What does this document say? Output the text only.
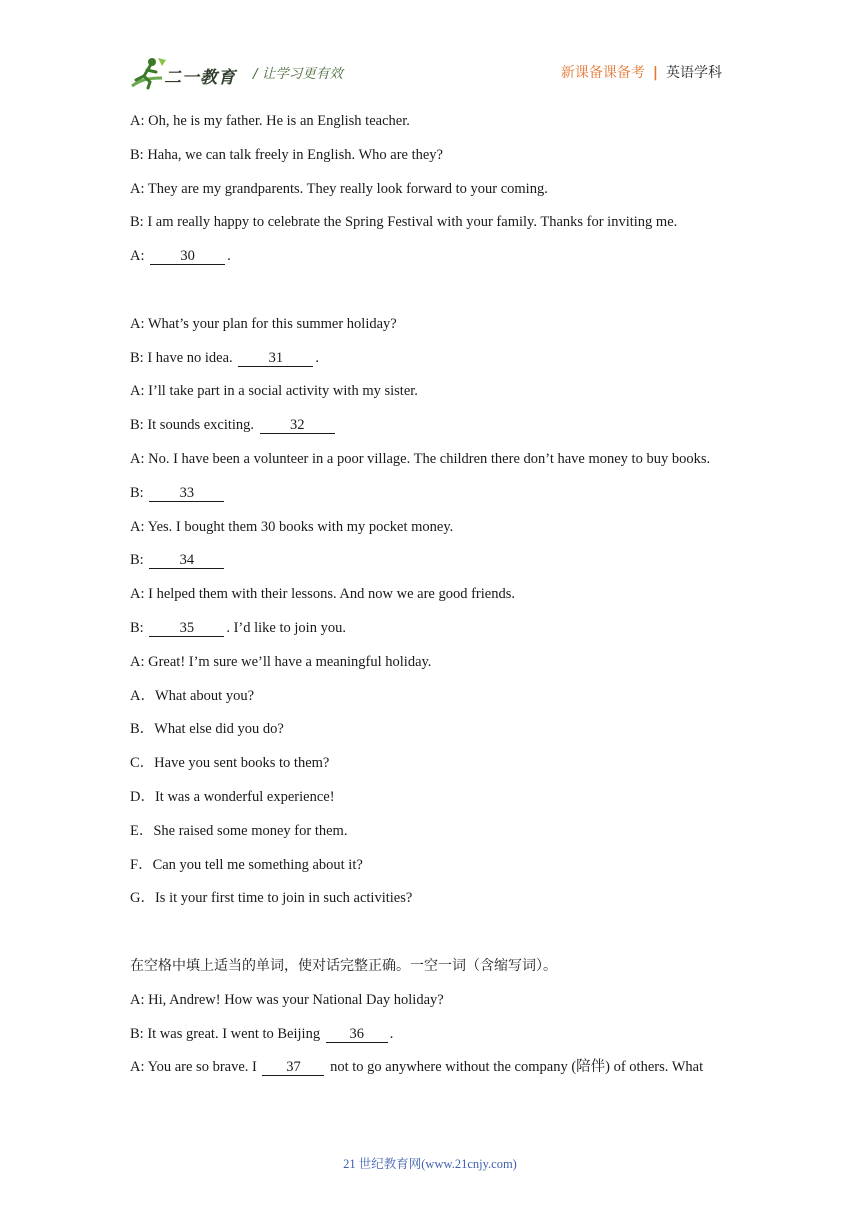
二一教育 / 让学习更有效	新课备课备考 | 英语学科
A: Oh, he is my father. He is an English teacher.
B: Haha, we can talk freely in English. Who are they?
A: They are my grandparents. They really look forward to your coming.
B: I am really happy to celebrate the Spring Festival with your family. Thanks for inviting me.
A: 30 .
A: What’s your plan for this summer holiday?
B: I have no idea. 31 .
A: I’ll take part in a social activity with my sister.
B: It sounds exciting. 32
A: No. I have been a volunteer in a poor village. The children there don’t have money to buy books.
B: 33
A: Yes. I bought them 30 books with my pocket money.
B: 34
A: I helped them with their lessons. And now we are good friends.
B: 35 . I’d like to join you.
A: Great! I’m sure we’ll have a meaningful holiday.
A．What about you?
B．What else did you do?
C．Have you sent books to them?
D．It was a wonderful experience!
E．She raised some money for them.
F．Can you tell me something about it?
G．Is it your first time to join in such activities?
在空格中填上适当的单词，使对话完整正确。一空一词（含缩写词）。
A: Hi, Andrew! How was your National Day holiday?
B: It was great. I went to Beijing 36 .
A: You are so brave. I 37 not to go anywhere without the company (陪伴) of others. What
21 世纪教育网(www.21cnjy.com)
